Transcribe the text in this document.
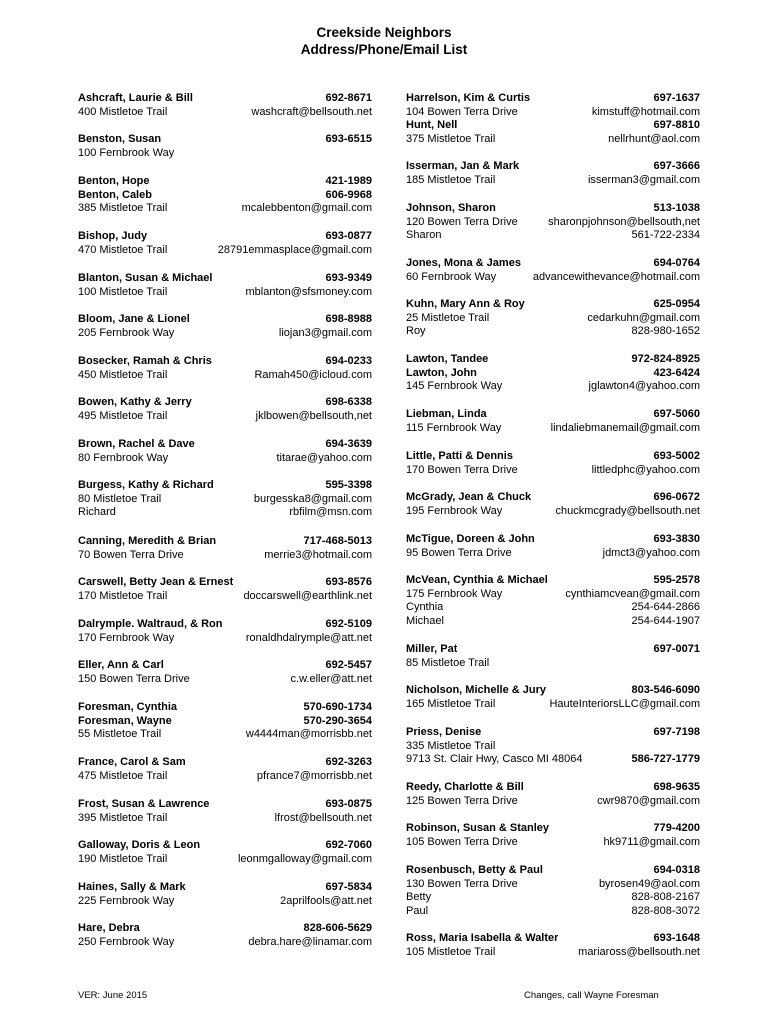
Creekside Neighbors
Address/Phone/Email List
Ashcraft, Laurie & Bill	692-8671
400 Mistletoe Trail	washcraft@bellsouth.net
Benston, Susan	693-6515
100 Fernbrook Way
Benton, Hope	421-1989
Benton, Caleb	606-9968
385 Mistletoe Trail	mcalebbenton@gmail.com
Bishop, Judy	693-0877
470 Mistletoe Trail	28791emmasplace@gmail.com
Blanton, Susan & Michael	693-9349
100 Mistletoe Trail	mblanton@sfsmoney.com
Bloom, Jane & Lionel	698-8988
205 Fernbrook Way	liojan3@gmail.com
Bosecker, Ramah & Chris	694-0233
450 Mistletoe Trail	Ramah450@icloud.com
Bowen, Kathy & Jerry	698-6338
495 Mistletoe Trail	jklbowen@bellsouth,net
Brown, Rachel & Dave	694-3639
80 Fernbrook Way	titarae@yahoo.com
Burgess, Kathy & Richard	595-3398
80 Mistletoe Trail	burgesska8@gmail.com
Richard	rbfilm@msn.com
Canning, Meredith & Brian	717-468-5013
70 Bowen Terra Drive	merrie3@hotmail.com
Carswell, Betty Jean & Ernest	693-8576
170 Mistletoe Trail	doccarswell@earthlink.net
Dalrymple. Waltraud, & Ron	692-5109
170 Fernbrook Way	ronaldhdalrymple@att.net
Eller, Ann & Carl	692-5457
150 Bowen Terra Drive	c.w.eller@att.net
Foresman, Cynthia	570-690-1734
Foresman, Wayne	570-290-3654
55 Mistletoe Trail	w4444man@morrisbb.net
France, Carol & Sam	692-3263
475 Mistletoe Trail	pfrance7@morrisbb.net
Frost, Susan & Lawrence	693-0875
395 Mistletoe Trail	lfrost@bellsouth.net
Galloway, Doris & Leon	692-7060
190 Mistletoe Trail	leonmgalloway@gmail.com
Haines, Sally & Mark	697-5834
225 Fernbrook Way	2aprilfools@att.net
Hare, Debra	828-606-5629
250 Fernbrook Way	debra.hare@linamar.com
Harrelson, Kim & Curtis	697-1637
104 Bowen Terra Drive	kimstuff@hotmail.com
Hunt, Nell	697-8810
375 Mistletoe Trail	nellrhunt@aol.com
Isserman, Jan & Mark	697-3666
185 Mistletoe Trail	isserman3@gmail.com
Johnson, Sharon	513-1038
120 Bowen Terra Drive	sharonpjohnson@bellsouth,net
Sharon	561-722-2334
Jones, Mona & James	694-0764
60 Fernbrook Way	advancewithevance@hotmail.com
Kuhn, Mary Ann & Roy	625-0954
25 Mistletoe Trail	cedarkuhn@gmail.com
Roy	828-980-1652
Lawton, Tandee	972-824-8925
Lawton, John	423-6424
145 Fernbrook Way	jglawton4@yahoo.com
Liebman, Linda	697-5060
115 Fernbrook Way	lindaliebmanemail@gmail.com
Little, Patti & Dennis	693-5002
170 Bowen Terra Drive	littledphc@yahoo.com
McGrady, Jean & Chuck	696-0672
195 Fernbrook Way	chuckmcgrady@bellsouth.net
McTigue, Doreen & John	693-3830
95 Bowen Terra Drive	jdmct3@yahoo.com
McVean, Cynthia & Michael	595-2578
175 Fernbrook Way	cynthiamcvean@gmail.com
Cynthia	254-644-2866
Michael	254-644-1907
Miller, Pat	697-0071
85 Mistletoe Trail
Nicholson, Michelle & Jury	803-546-6090
165 Mistletoe Trail	HauteInteriorsLLC@gmail.com
Priess, Denise	697-7198
335 Mistletoe Trail
9713 St. Clair Hwy, Casco MI 48064	586-727-1779
Reedy, Charlotte & Bill	698-9635
125 Bowen Terra Drive	cwr9870@gmail.com
Robinson, Susan & Stanley	779-4200
105 Bowen Terra Drive	hk9711@gmail.com
Rosenbusch, Betty & Paul	694-0318
130 Bowen Terra Drive	byrosen49@aol.com
Betty	828-808-2167
Paul	828-808-3072
Ross, Maria Isabella & Walter	693-1648
105 Mistletoe Trail	mariaross@bellsouth.net
VER: June 2015	Changes, call Wayne Foresman
